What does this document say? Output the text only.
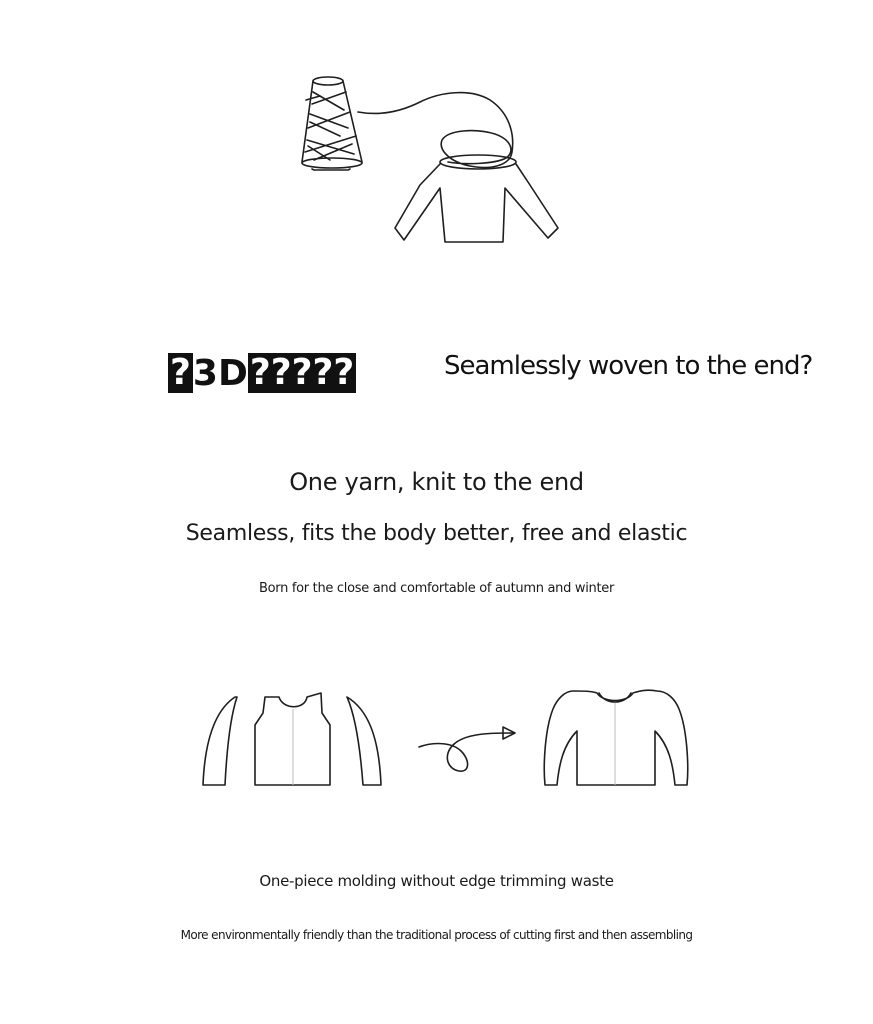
? 3D ?????	Seamlessly woven to the end?

One yarn, knit to the end
Seamless, fits the body better, free and elastic
Born for the close and comfortable of autumn and winter
One-piece molding without edge trimming waste
More environmentally friendly than the traditional process of cutting first and then assembling
